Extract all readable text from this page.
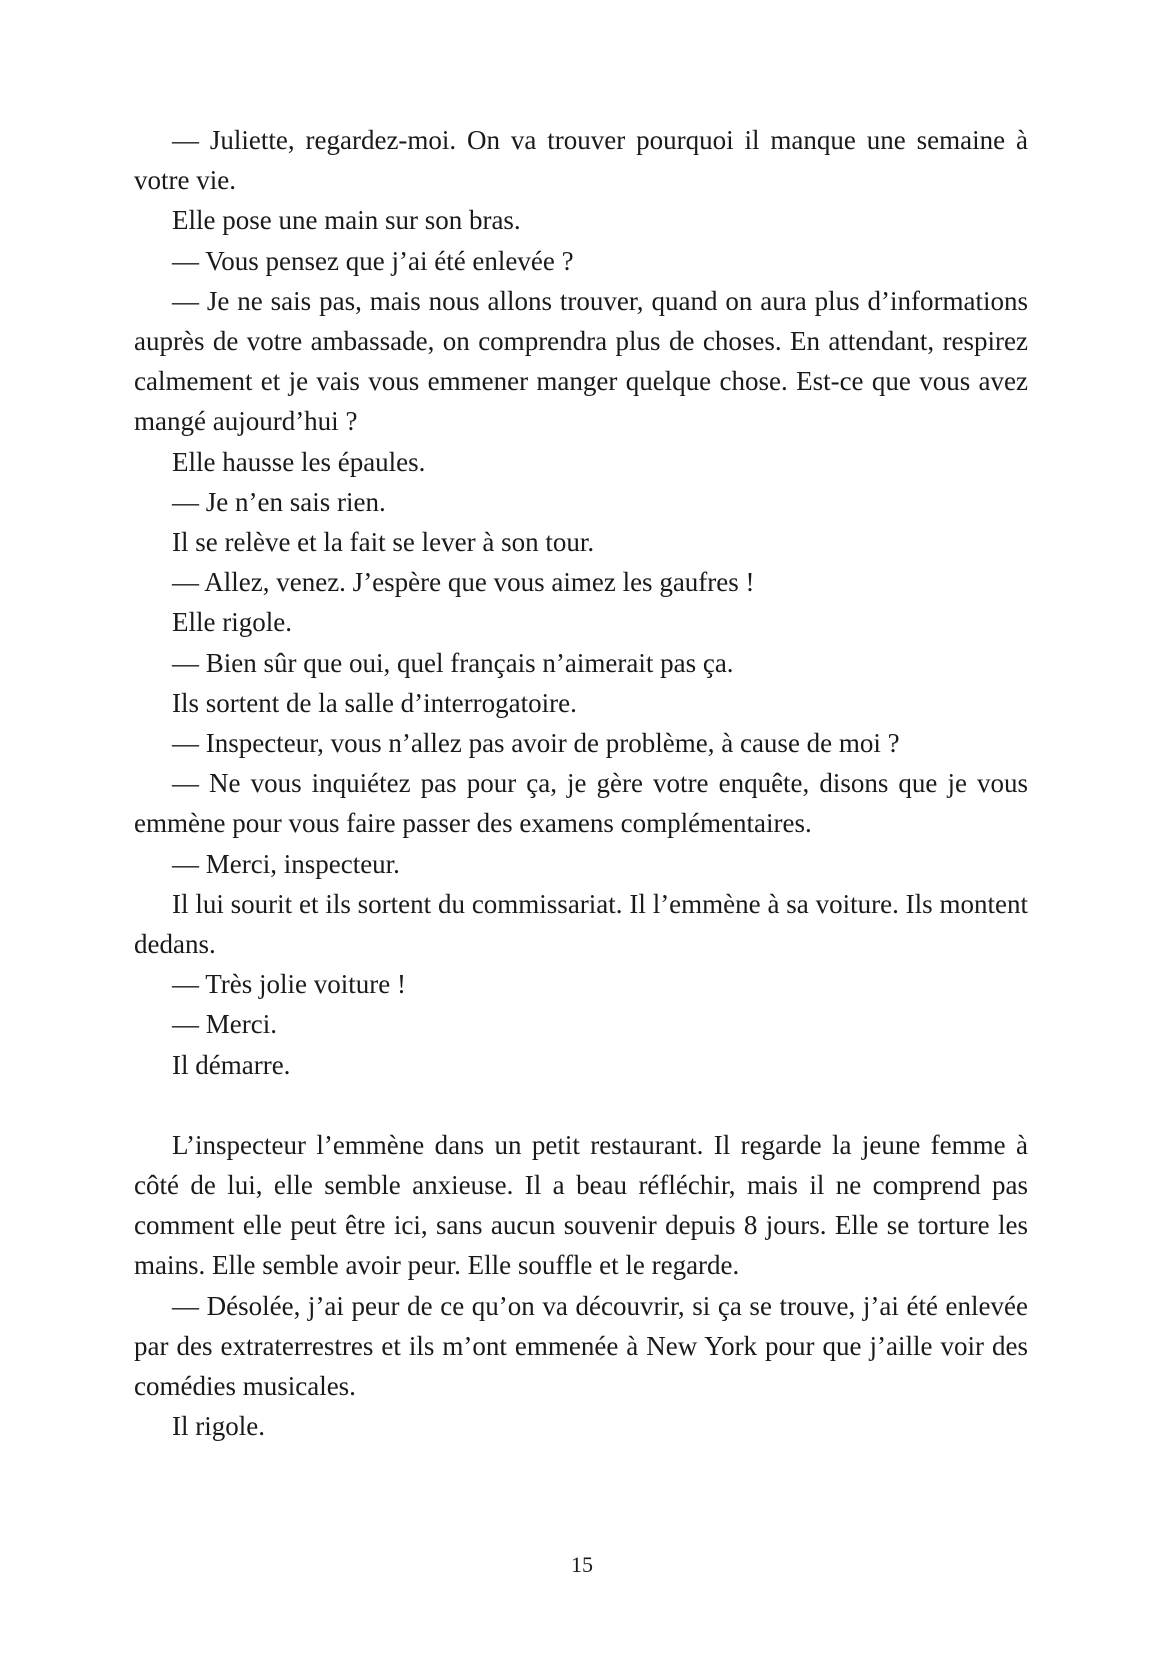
— Juliette, regardez-moi. On va trouver pourquoi il manque une semaine à votre vie.

Elle pose une main sur son bras.

— Vous pensez que j’ai été enlevée ?

— Je ne sais pas, mais nous allons trouver, quand on aura plus d’informations auprès de votre ambassade, on comprendra plus de choses. En attendant, respirez calmement et je vais vous emmener manger quelque chose. Est-ce que vous avez mangé aujourd’hui ?

Elle hausse les épaules.

— Je n’en sais rien.

Il se relève et la fait se lever à son tour.

— Allez, venez. J’espère que vous aimez les gaufres !

Elle rigole.

— Bien sûr que oui, quel français n’aimerait pas ça.

Ils sortent de la salle d’interrogatoire.

— Inspecteur, vous n’allez pas avoir de problème, à cause de moi ?

— Ne vous inquiétez pas pour ça, je gère votre enquête, disons que je vous emmène pour vous faire passer des examens complémentaires.

— Merci, inspecteur.

Il lui sourit et ils sortent du commissariat. Il l’emmène à sa voiture. Ils montent dedans.

— Très jolie voiture !

— Merci.

Il démarre.

L’inspecteur l’emmène dans un petit restaurant. Il regarde la jeune femme à côté de lui, elle semble anxieuse. Il a beau réfléchir, mais il ne comprend pas comment elle peut être ici, sans aucun souvenir depuis 8 jours. Elle se torture les mains. Elle semble avoir peur. Elle souffle et le regarde.

— Désolée, j’ai peur de ce qu’on va découvrir, si ça se trouve, j’ai été enlevée par des extraterrestres et ils m’ont emmenée à New York pour que j’aille voir des comédies musicales.

Il rigole.

15
